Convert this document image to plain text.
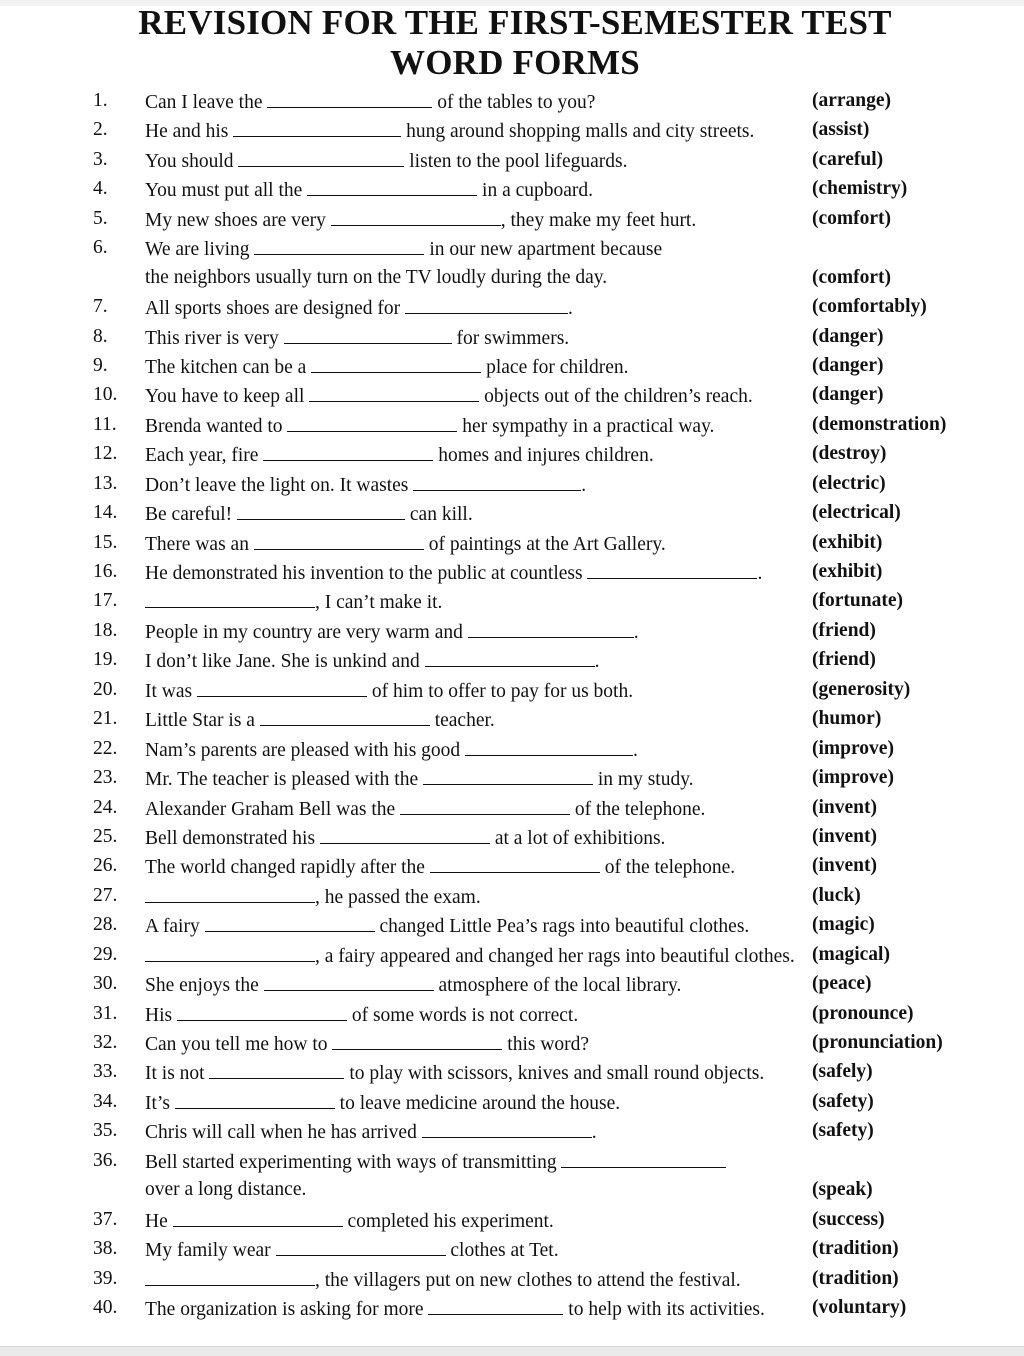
REVISION FOR THE FIRST-SEMESTER TEST
WORD FORMS
1. Can I leave the	of the tables to you?	(arrange)
2. He and his	hung around shopping malls and city streets.	(assist)
3. You should	listen to the pool lifeguards.	(careful)
4. You must put all the	in a cupboard.	(chemistry)
5. My new shoes are very	, they make my feet hurt.	(comfort)
6. We are living	in our new apartment because
the neighbors usually turn on the TV loudly during the day.	(comfort)
7. All sports shoes are designed for	.	(comfortably)
8. This river is very	for swimmers.	(danger)
9. The kitchen can be a	place for children.	(danger)
10. You have to keep all	objects out of the children’s reach.	(danger)
11. Brenda wanted to	her sympathy in a practical way.	(demonstration)
12. Each year, fire	homes and injures children.	(destroy)
13. Don’t leave the light on. It wastes	.	(electric)
14. Be careful!	can kill.	(electrical)
15. There was an	of paintings at the Art Gallery.	(exhibit)
16. He demonstrated his invention to the public at countless	.	(exhibit)
17.	, I can’t make it.	(fortunate)
18. People in my country are very warm and	.	(friend)
19. I don’t like Jane. She is unkind and	.	(friend)
20. It was	of him to offer to pay for us both.	(generosity)
21. Little Star is a	teacher.	(humor)
22. Nam’s parents are pleased with his good	.	(improve)
23. Mr. The teacher is pleased with the	in my study.	(improve)
24. Alexander Graham Bell was the	of the telephone.	(invent)
25. Bell demonstrated his	at a lot of exhibitions.	(invent)
26. The world changed rapidly after the	of the telephone.	(invent)
27.	, he passed the exam.	(luck)
28. A fairy	changed Little Pea’s rags into beautiful clothes.	(magic)
29.	, a fairy appeared and changed her rags into beautiful clothes. (magical)
30. She enjoys the	atmosphere of the local library.	(peace)
31. His	of some words is not correct.	(pronounce)
32. Can you tell me how to	this word?	(pronunciation)
33. It is not	to play with scissors, knives and small round objects. (safely)
34. It’s	to leave medicine around the house.	(safety)
35. Chris will call when he has arrived	.	(safety)
36. Bell started experimenting with ways of transmitting
over a long distance.	(speak)
37. He	completed his experiment.	(success)
38. My family wear	clothes at Tet.	(tradition)
39.	, the villagers put on new clothes to attend the festival.	(tradition)
40. The organization is asking for more	to help with its activities. (voluntary)
